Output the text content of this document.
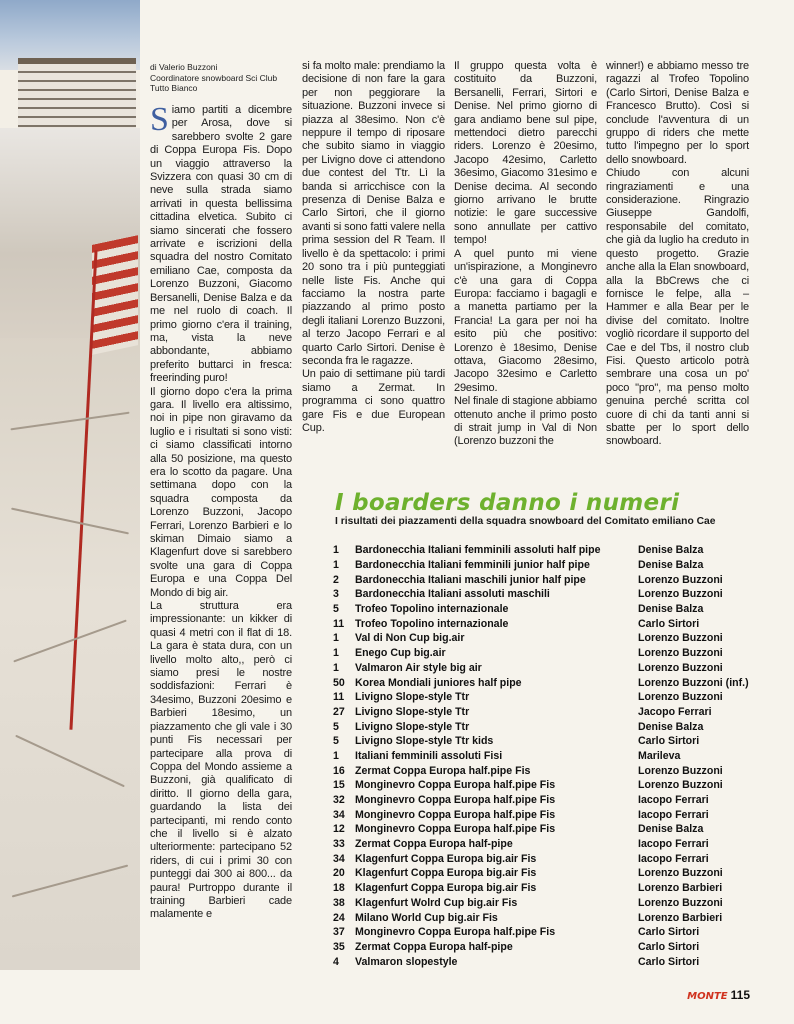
di Valerio Buzzoni
Coordinatore snowboard Sci Club Tutto Bianco

Siamo partiti a dicembre per Arosa, dove si sarebbero svolte 2 gare di Coppa Europa Fis. Dopo un viaggio attraverso la Svizzera con quasi 30 cm di neve sulla strada siamo arrivati in questa bellissima cittadina elvetica. Subito ci siamo sincerati che fossero arrivate e iscrizioni della squadra del nostro Comitato emiliano Cae, composta da Lorenzo Buzzoni, Giacomo Bersanelli, Denise Balza e da me nel ruolo di coach. Il primo giorno c'era il training, ma, vista la neve abbondante, abbiamo preferito buttarci in fresca: freerinding puro!

Il giorno dopo c'era la prima gara. Il livello era altissimo, noi in pipe non giravamo da luglio e i risultati si sono visti: ci siamo classificati intorno alla 50 posizione, ma questo era lo scotto da pagare. Una settimana dopo con la squadra composta da Lorenzo Buzzoni, Jacopo Ferrari, Lorenzo Barbieri e lo skiman Dimaio siamo a Klagenfurt dove si sarebbero svolte una gara di Coppa Europa e una Coppa Del Mondo di big air.

La struttura era impressionante: un kikker di quasi 4 metri con il flat di 18. La gara è stata dura, con un livello molto alto,, però ci siamo presi le nostre soddisfazioni: Ferrari è 34esimo, Buzzoni 20esimo e Barbieri 18esimo, un piazzamento che gli vale i 30 punti Fis necessari per partecipare alla prova di Coppa del Mondo assieme a Buzzoni, già qualificato di diritto. Il giorno della gara, guardando la lista dei partecipanti, mi rendo conto che il livello si è alzato ulteriormente: partecipano 52 riders, di cui i primi 30 con punteggi dai 300 ai 800... da paura! Purtroppo durante il training Barbieri cade malamente e

si fa molto male: prendiamo la decisione di non fare la gara per non peggiorare la situazione. Buzzoni invece si piazza al 38esimo. Non c'è neppure il tempo di riposare che subito siamo in viaggio per Livigno dove ci attendono due contest del Ttr. Lì la banda si arricchisce con la presenza di Denise Balza e Carlo Sirtori, che il giorno avanti si sono fatti valere nella prima session del R Team. Il livello è da spettacolo: i primi 20 sono tra i più punteggiati nelle liste Fis. Anche qui facciamo la nostra parte piazzando al primo posto degli italiani Lorenzo Buzzoni, al terzo Jacopo Ferrari e al quarto Carlo Sirtori. Denise è seconda fra le ragazze.

Un paio di settimane più tardi siamo a Zermat. In programma ci sono quattro gare Fis e due European Cup.

Il gruppo questa volta è costituito da Buzzoni, Bersanelli, Ferrari, Sirtori e Denise. Nel primo giorno di gara andiamo bene sul pipe, mettendoci dietro parecchi riders. Lorenzo è 20esimo, Jacopo 42esimo, Carletto 36esimo, Giacomo 31esimo e Denise decima. Al secondo giorno arrivano le brutte notizie: le gare successive sono annullate per cattivo tempo!

A quel punto mi viene un'ispirazione, a Monginevro c'è una gara di Coppa Europa: facciamo i bagagli e a manetta partiamo per la Francia! La gara per noi ha esito più che positivo: Lorenzo è 18esimo, Denise ottava, Giacomo 28esimo, Jacopo 32esimo e Carletto 29esimo.

Nel finale di stagione abbiamo ottenuto anche il primo posto di strait jump in Val di Non (Lorenzo buzzoni the

winner!) e abbiamo messo tre ragazzi al Trofeo Topolino (Carlo Sirtori, Denise Balza e Francesco Brutto). Così si conclude l'avventura di un gruppo di riders che mette tutto l'impegno per lo sport dello snowboard.

Chiudo con alcuni ringraziamenti e una considerazione. Ringrazio Giuseppe Gandolfi, responsabile del comitato, che già da luglio ha creduto in questo progetto. Grazie anche alla la Elan snowboard, alla la BbCrews che ci fornisce le felpe, alla –Hammer e alla Bear per le divise del comitato. Inoltre vogliò ricordare il supporto del Cae e del Tbs, il nostro club Fisi. Questo articolo potrà sembrare una cosa un po' poco "pro", ma penso molto genuina perché scritta col cuore di chi da tanti anni si sbatte per lo sport dello snowboard.

I boarders danno i numeri
I risultati dei piazzamenti della squadra snowboard del Comitato emiliano Cae
1	Bardonecchia Italiani femminili assoluti half pipe	Denise Balza
1	Bardonecchia Italiani femminili junior half pipe	Denise Balza
2	Bardonecchia Italiani maschili junior half pipe	Lorenzo Buzzoni
3	Bardonecchia Italiani assoluti maschili	Lorenzo Buzzoni
5	Trofeo Topolino internazionale	Denise Balza
11	Trofeo Topolino internazionale	Carlo Sirtori
1	Val di Non Cup big.air	Lorenzo Buzzoni
1	Enego Cup big.air	Lorenzo Buzzoni
1	Valmaron Air style big air	Lorenzo Buzzoni
50 Korea Mondiali juniores half pipe	Lorenzo Buzzoni (inf.)
11	Livigno Slope-style Ttr	Lorenzo Buzzoni
27 Livigno Slope-style Ttr	Jacopo Ferrari
5	Livigno Slope-style Ttr	Denise Balza
5	Livigno Slope-style Ttr kids	Carlo Sirtori
1	Italiani femminili assoluti Fisi	Marileva
16 Zermat Coppa Europa half.pipe Fis	Lorenzo Buzzoni
15 Monginevro Coppa Europa half.pipe Fis	Lorenzo Buzzoni
32 Monginevro Coppa Europa half.pipe Fis	Iacopo Ferrari
34 Monginevro Coppa Europa half.pipe Fis	Iacopo Ferrari
12 Monginevro Coppa Europa half.pipe Fis	Denise Balza
33 Zermat Coppa Europa half-pipe	Iacopo Ferrari
34 Klagenfurt Coppa Europa big.air Fis	Iacopo Ferrari
20 Klagenfurt Coppa Europa big.air Fis	Lorenzo Buzzoni
18 Klagenfurt Coppa Europa big.air Fis	Lorenzo Barbieri
38 Klagenfurt Wolrd Cup big.air Fis	Lorenzo Buzzoni
24 Milano World Cup big.air Fis	Lorenzo Barbieri
37 Monginevro Coppa Europa half.pipe Fis	Carlo Sirtori
35 Zermat Coppa Europa half-pipe	Carlo Sirtori
4	Valmaron slopestyle	Carlo Sirtori
MONTE 115
